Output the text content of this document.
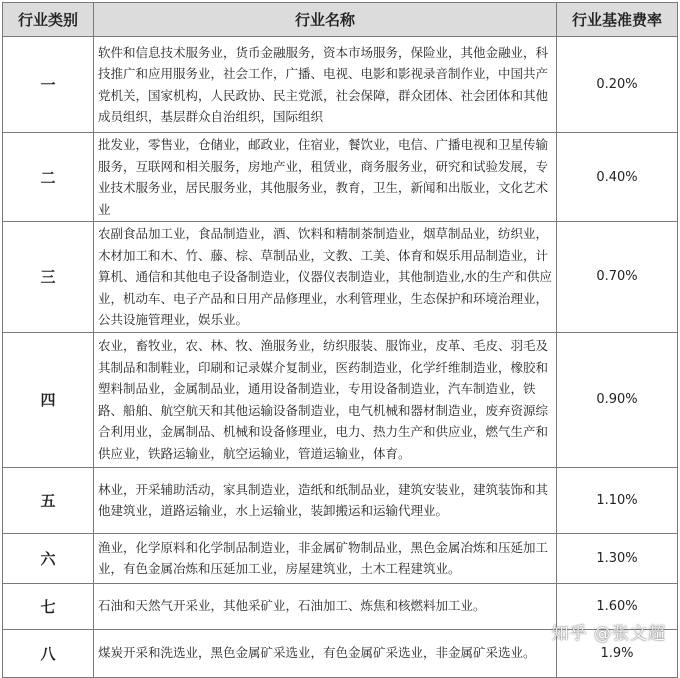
行业类别	行业名称	行业基准费率
一	软件和信息技术服务业，货币金融服务，资本市场服务，保险业，其他金融业，科技推广和应用服务业，社会工作，广播、电视、电影和影视录音制作业，中国共产党机关，国家机构，人民政协、民主党派，社会保障，群众团体、社会团体和其他成员组织，基层群众自治组织，国际组织	0.20%
二	批发业，零售业，仓储业，邮政业，住宿业，餐饮业，电信、广播电视和卫星传输服务，互联网和相关服务，房地产业，租赁业，商务服务业，研究和试验发展，专业技术服务业，居民服务业，其他服务业，教育，卫生，新闻和出版业，文化艺术业	0.40%
三	农副食品加工业，食品制造业，酒、饮料和精制茶制造业，烟草制品业，纺织业，木材加工和木、竹、藤、棕、草制品业，文教、工美、体育和娱乐用品制造业，计算机、通信和其他电子设备制造业，仪器仪表制造业，其他制造业,水的生产和供应业，机动车、电子产品和日用产品修理业，水利管理业，生态保护和环境治理业，公共设施管理业，娱乐业。	0.70%
四	农业，畜牧业，农、林、牧、渔服务业，纺织服装、服饰业，皮革、毛皮、羽毛及其制品和制鞋业，印刷和记录媒介复制业，医药制造业，化学纤维制造业，橡胶和塑料制品业，金属制品业，通用设备制造业，专用设备制造业，汽车制造业，铁路、船舶、航空航天和其他运输设备制造业，电气机械和器材制造业，废弃资源综合利用业，金属制品、机械和设备修理业，电力、热力生产和供应业，燃气生产和供应业，铁路运输业，航空运输业，管道运输业，体育。	0.90%
五	林业，开采辅助活动，家具制造业，造纸和纸制品业，建筑安装业，建筑装饰和其他建筑业，道路运输业，水上运输业，装卸搬运和运输代理业。	1.10%
六	渔业，化学原料和化学制品制造业，非金属矿物制品业，黑色金属冶炼和压延加工业，有色金属冶炼和压延加工业，房屋建筑业，土木工程建筑业。	1.30%
七	石油和天然气开采业，其他采矿业，石油加工、炼焦和核燃料加工业。	1.60%
八	煤炭开采和洗选业，黑色金属矿采选业，有色金属矿采选业，非金属矿采选业。	1.9%
知乎 @张文超
